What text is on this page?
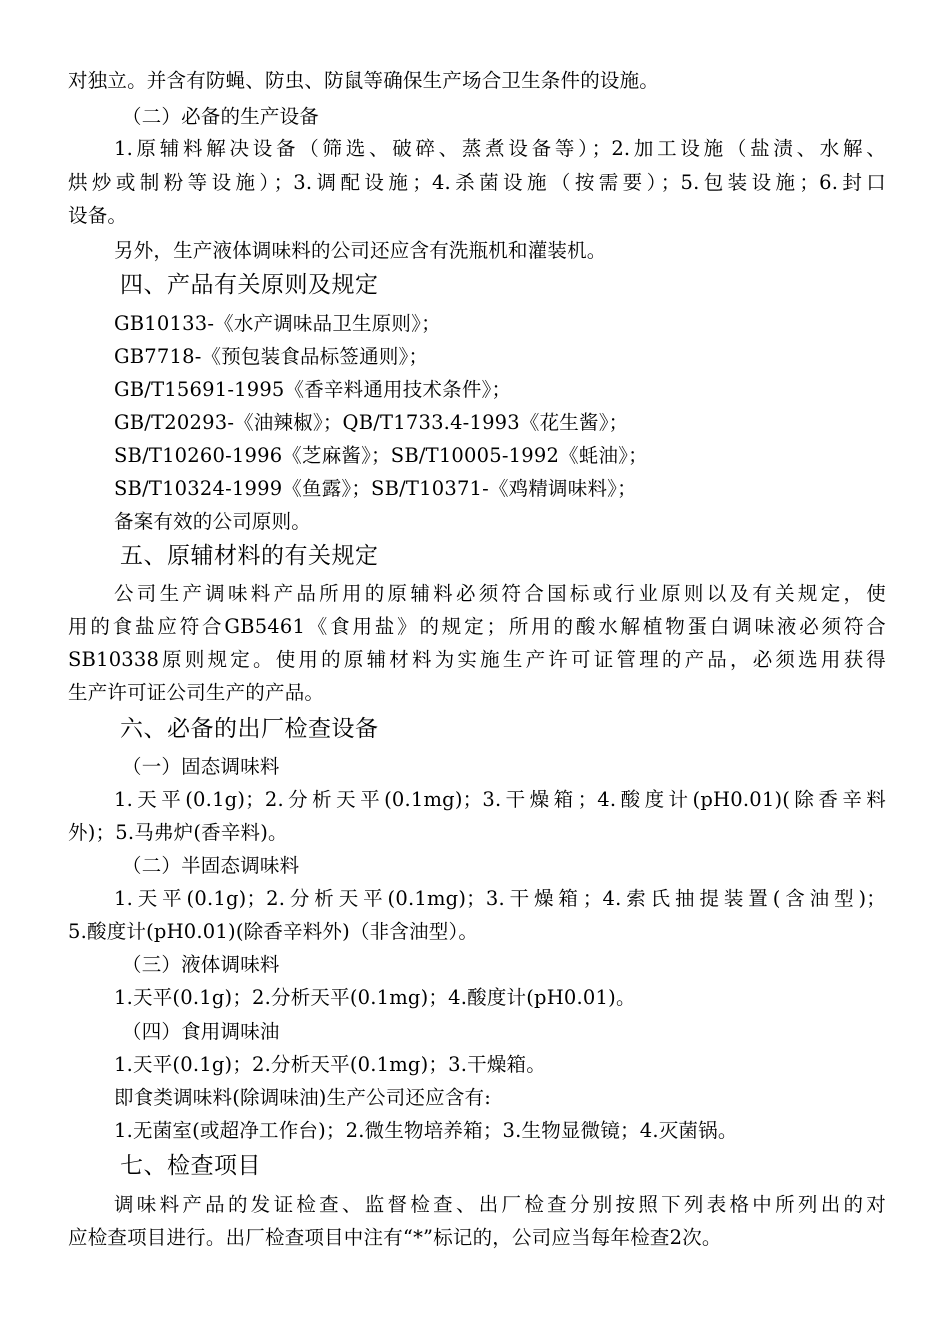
对独立。并含有防蝇、防虫、防鼠等确保生产场合卫生条件的设施。
（二）必备的生产设备
1.原辅料解决设备（筛选、破碎、蒸煮设备等）；2.加工设施（盐渍、水解、
烘炒或制粉等设施）；3.调配设施；4.杀菌设施（按需要）；5.包装设施；6.封口
设备。
另外，生产液体调味料的公司还应含有洗瓶机和灌装机。
四、产品有关原则及规定
GB10133-《水产调味品卫生原则》；
GB7718-《预包装食品标签通则》；
GB/T15691-1995《香辛料通用技术条件》；
GB/T20293-《油辣椒》；QB/T1733.4-1993《花生酱》；
SB/T10260-1996《芝麻酱》；SB/T10005-1992《蚝油》；
SB/T10324-1999《鱼露》；SB/T10371-《鸡精调味料》；
备案有效的公司原则。
五、原辅材料的有关规定
公司生产调味料产品所用的原辅料必须符合国标或行业原则以及有关规定，使
用的食盐应符合GB5461《食用盐》的规定；所用的酸水解植物蛋白调味液必须符合
SB10338原则规定。使用的原辅材料为实施生产许可证管理的产品，必须选用获得
生产许可证公司生产的产品。
六、必备的出厂检查设备
（一）固态调味料
1.天平(0.1g)；2.分析天平(0.1mg)；3.干燥箱；4.酸度计(pH0.01)(除香辛料
外)；5.马弗炉(香辛料)。
（二）半固态调味料
1.天平(0.1g)；2.分析天平(0.1mg)；3.干燥箱；4.索氏抽提装置(含油型)；
5.酸度计(pH0.01)(除香辛料外)（非含油型）。
（三）液体调味料
1.天平(0.1g)；2.分析天平(0.1mg)；4.酸度计(pH0.01)。
（四）食用调味油
1.天平(0.1g)；2.分析天平(0.1mg)；3.干燥箱。
即食类调味料(除调味油)生产公司还应含有:
1.无菌室(或超净工作台)；2.微生物培养箱；3.生物显微镜；4.灭菌锅。
七、检查项目
调味料产品的发证检查、监督检查、出厂检查分别按照下列表格中所列出的对
应检查项目进行。出厂检查项目中注有“*”标记的，公司应当每年检查2次。
